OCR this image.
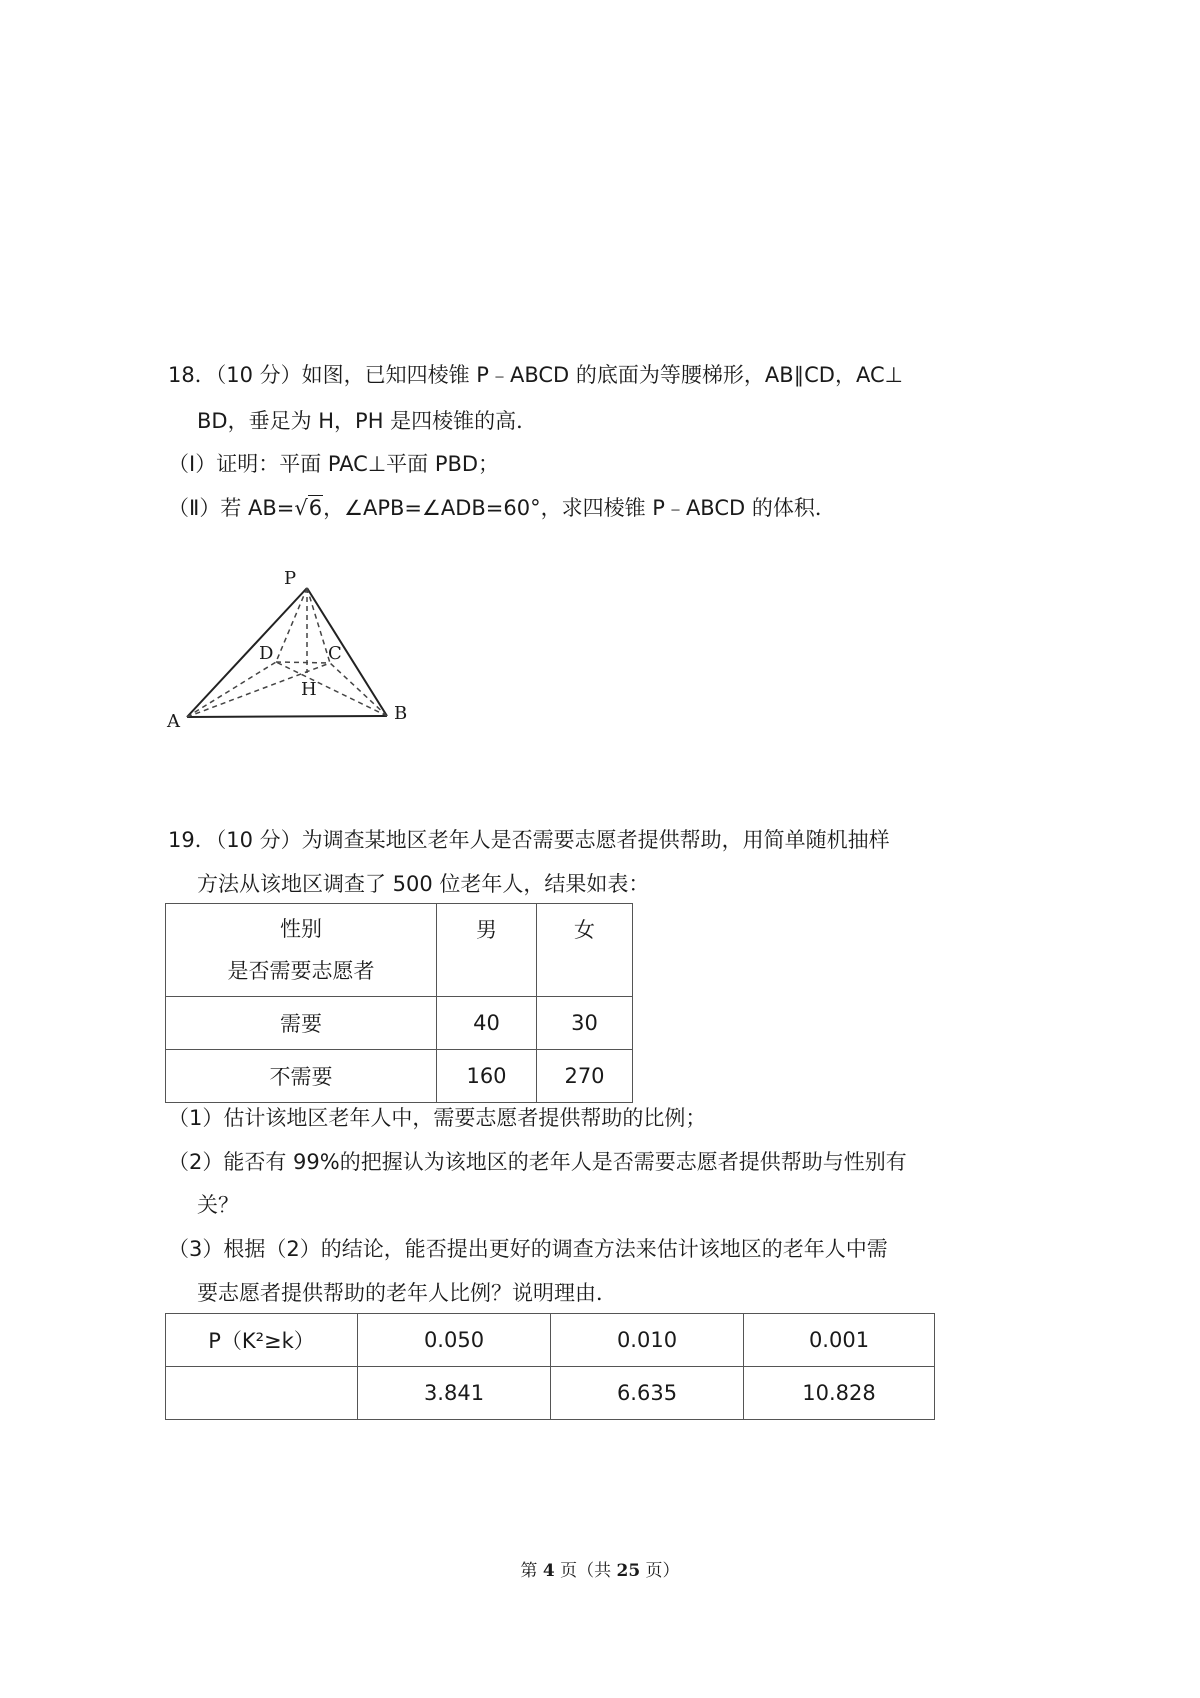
18．（10 分）如图，已知四棱锥 P﹣ABCD 的底面为等腰梯形，AB∥CD，AC⊥
BD，垂足为 H，PH 是四棱锥的高．
（Ⅰ）证明：平面 PAC⊥平面 PBD；
（Ⅱ）若 AB=√6，∠APB=∠ADB=60°，求四棱锥 P﹣ABCD 的体积．
P
A	B
D	C
H
19．（10 分）为调查某地区老年人是否需要志愿者提供帮助，用简单随机抽样
方法从该地区调查了 500 位老年人，结果如表：
性别
是否需要志愿者	男	女
需要	40	30
不需要	160	270
（1）估计该地区老年人中，需要志愿者提供帮助的比例；
（2）能否有 99%的把握认为该地区的老年人是否需要志愿者提供帮助与性别有
关？
（3）根据（2）的结论，能否提出更好的调查方法来估计该地区的老年人中需
要志愿者提供帮助的老年人比例？说明理由．
P（K²≥k）	0.050	0.010	0.001
	3.841	6.635	10.828
第 4 页（共 25 页）
